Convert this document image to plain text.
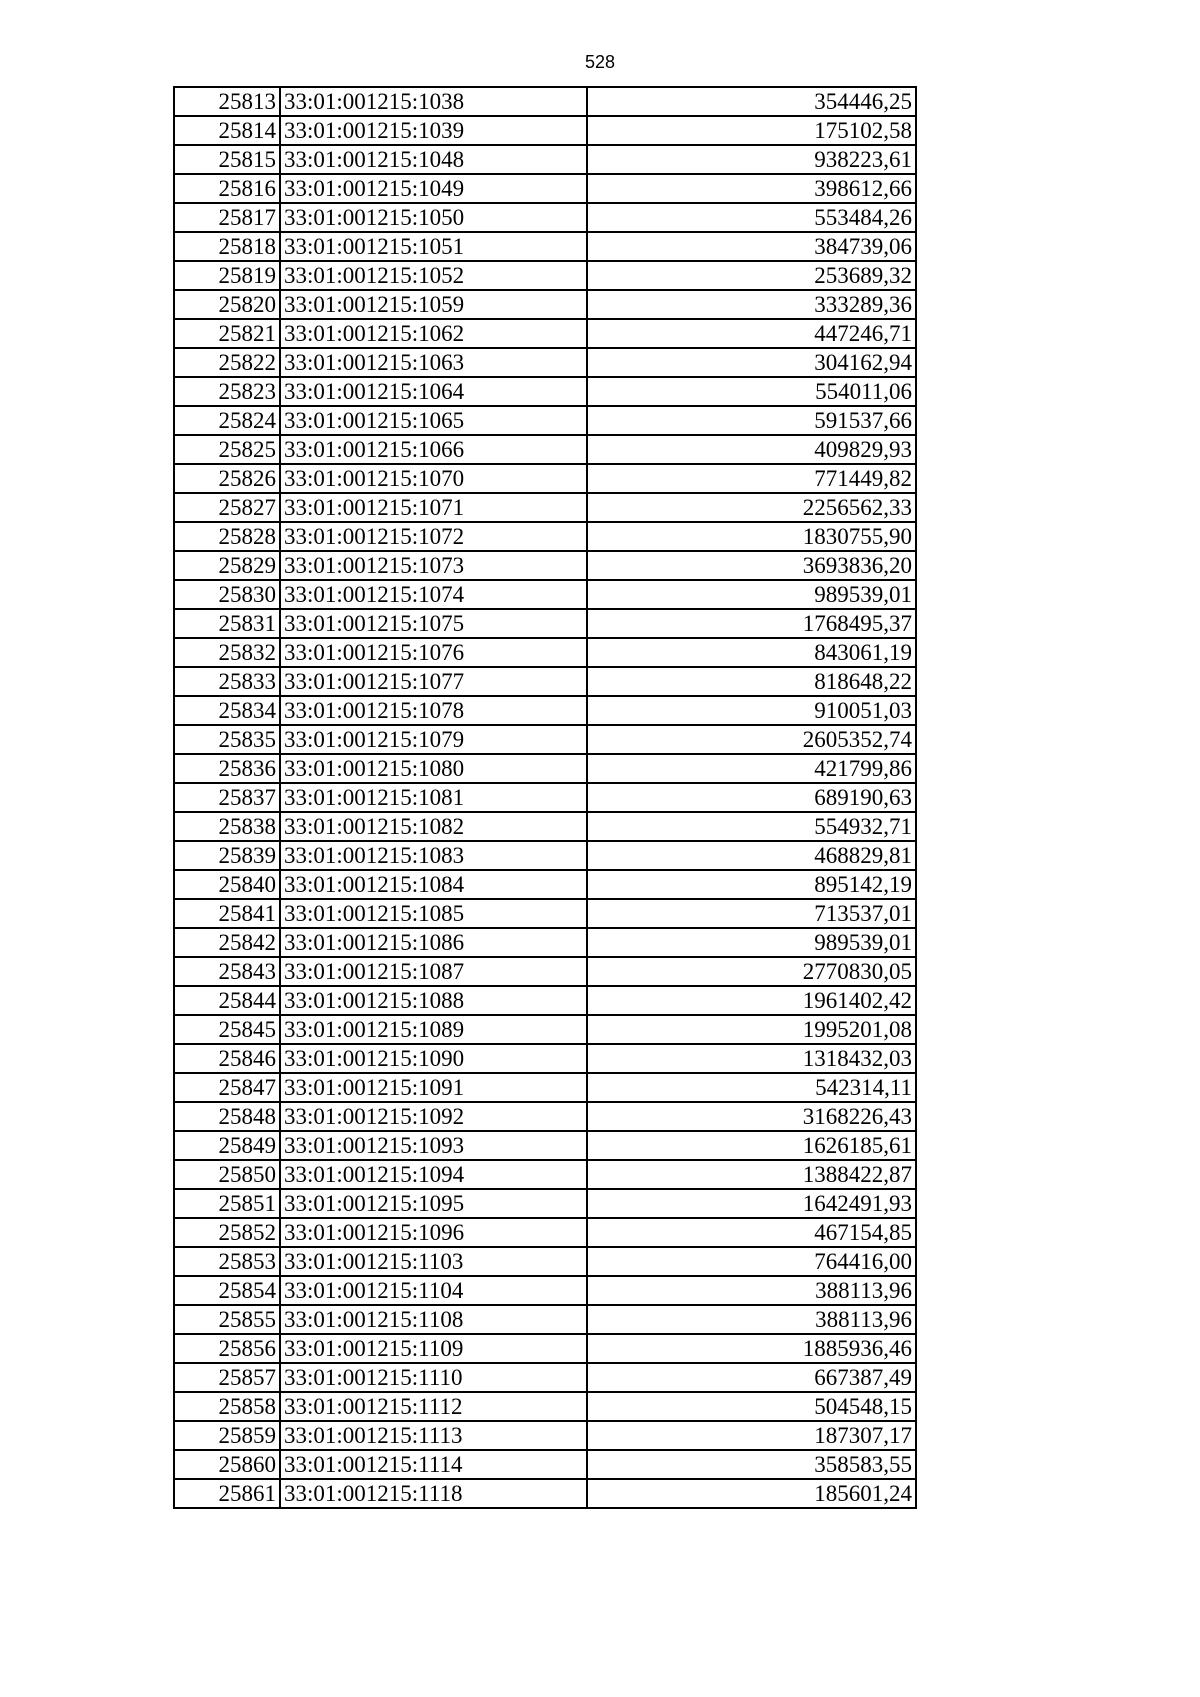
528
25813	33:01:001215:1038	354446,25
25814	33:01:001215:1039	175102,58
25815	33:01:001215:1048	938223,61
25816	33:01:001215:1049	398612,66
25817	33:01:001215:1050	553484,26
25818	33:01:001215:1051	384739,06
25819	33:01:001215:1052	253689,32
25820	33:01:001215:1059	333289,36
25821	33:01:001215:1062	447246,71
25822	33:01:001215:1063	304162,94
25823	33:01:001215:1064	554011,06
25824	33:01:001215:1065	591537,66
25825	33:01:001215:1066	409829,93
25826	33:01:001215:1070	771449,82
25827	33:01:001215:1071	2256562,33
25828	33:01:001215:1072	1830755,90
25829	33:01:001215:1073	3693836,20
25830	33:01:001215:1074	989539,01
25831	33:01:001215:1075	1768495,37
25832	33:01:001215:1076	843061,19
25833	33:01:001215:1077	818648,22
25834	33:01:001215:1078	910051,03
25835	33:01:001215:1079	2605352,74
25836	33:01:001215:1080	421799,86
25837	33:01:001215:1081	689190,63
25838	33:01:001215:1082	554932,71
25839	33:01:001215:1083	468829,81
25840	33:01:001215:1084	895142,19
25841	33:01:001215:1085	713537,01
25842	33:01:001215:1086	989539,01
25843	33:01:001215:1087	2770830,05
25844	33:01:001215:1088	1961402,42
25845	33:01:001215:1089	1995201,08
25846	33:01:001215:1090	1318432,03
25847	33:01:001215:1091	542314,11
25848	33:01:001215:1092	3168226,43
25849	33:01:001215:1093	1626185,61
25850	33:01:001215:1094	1388422,87
25851	33:01:001215:1095	1642491,93
25852	33:01:001215:1096	467154,85
25853	33:01:001215:1103	764416,00
25854	33:01:001215:1104	388113,96
25855	33:01:001215:1108	388113,96
25856	33:01:001215:1109	1885936,46
25857	33:01:001215:1110	667387,49
25858	33:01:001215:1112	504548,15
25859	33:01:001215:1113	187307,17
25860	33:01:001215:1114	358583,55
25861	33:01:001215:1118	185601,24
